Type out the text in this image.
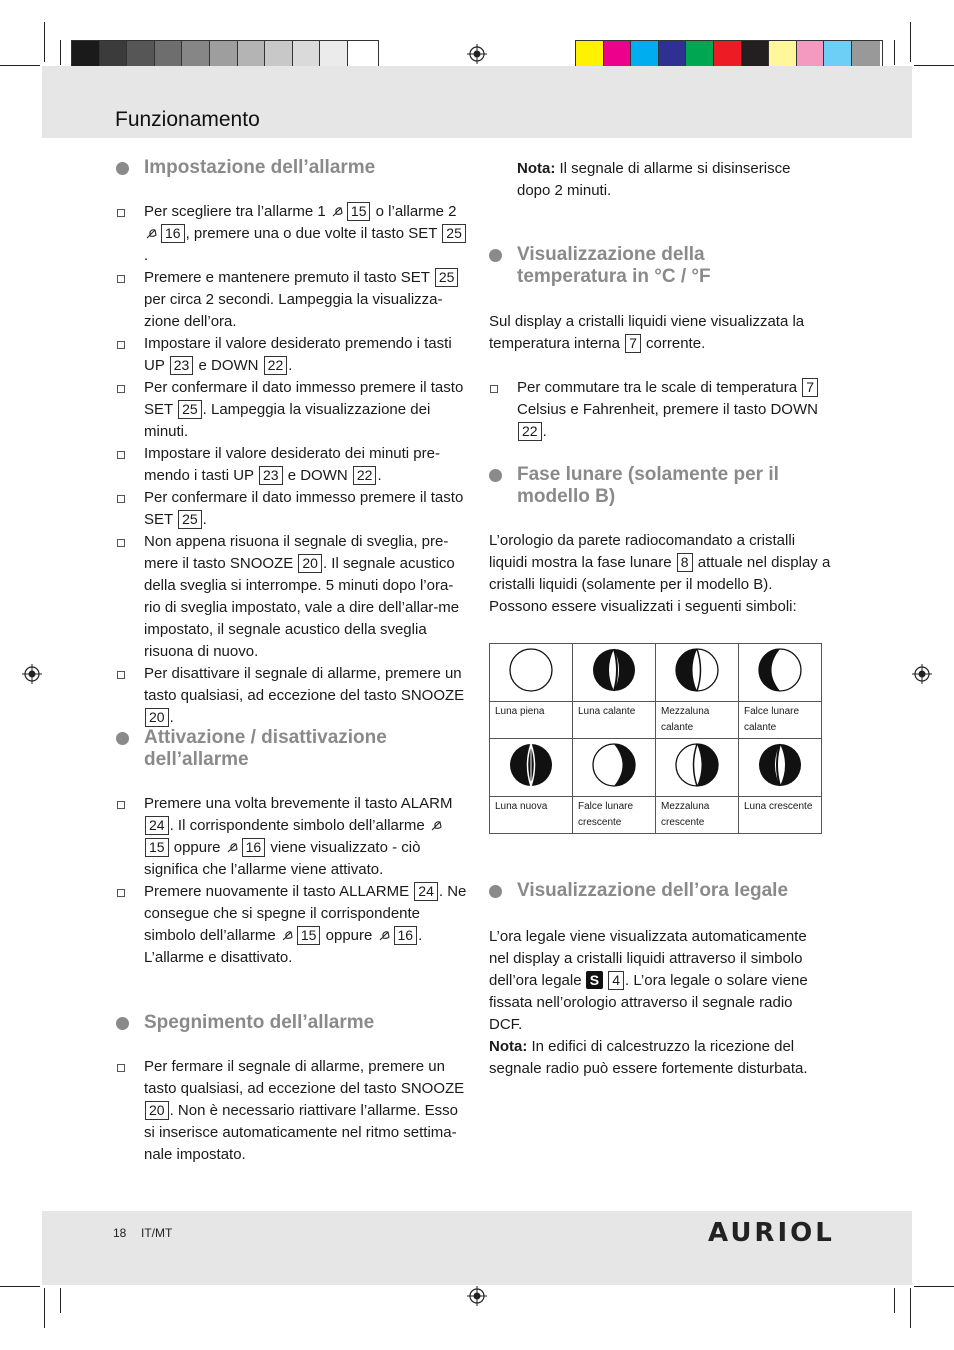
Funzionamento
Impostazione dell’allarme
Per scegliere tra l’allarme 1 15 o l’allarme 2 16 , premere una o due volte il tasto SET 25.
Premere e mantenere premuto il tasto SET 25 per circa 2 secondi. Lampeggia la visualizza-zione dell’ora.
Impostare il valore desiderato premendo i tasti UP 23 e DOWN 22 .
Per confermare il dato immesso premere il tasto SET 25 . Lampeggia la visualizzazione dei minuti.
Impostare il valore desiderato dei minuti pre-mendo i tasti UP 23 e DOWN 22 .
Per confermare il dato immesso premere il tasto SET 25 .
Non appena risuona il segnale di sveglia, pre-mere il tasto SNOOZE 20 . Il segnale acustico della sveglia si interrompe. 5 minuti dopo l’ora-rio di sveglia impostato, vale a dire dell’allar-me impostato, il segnale acustico della sveglia risuona di nuovo.
Per disattivare il segnale di allarme, premere un tasto qualsiasi, ad eccezione del tasto SNOOZE 20 .
Attivazione / disattivazione
dell’allarme
Premere una volta brevemente il tasto ALARM 24 . Il corrispondente simbolo dell’allarme 15 oppure 16 viene visualizzato - ciò significa che l’allarme viene attivato.
Premere nuovamente il tasto ALLARME 24 . Ne consegue che si spegne il corrispondente simbolo dell’allarme 15 oppure 16 . L’allarme e disattivato.
Spegnimento dell’allarme
Per fermare il segnale di allarme, premere un tasto qualsiasi, ad eccezione del tasto SNOOZE 20 . Non è necessario riattivare l’allarme. Esso si inserisce automaticamente nel ritmo settima-nale impostato.
Nota: Il segnale di allarme si disinserisce dopo 2 minuti.
Visualizzazione della
temperatura in °C / °F
Sul display a cristalli liquidi viene visualizzata la temperatura interna 7 corrente.
Per commutare tra le scale di temperatura 7 Celsius e Fahrenheit, premere il tasto DOWN 22 .
Fase lunare (solamente per il
modello B)
L’orologio da parete radiocomandato a cristalli liquidi mostra la fase lunare 8 attuale nel display a cristalli liquidi (solamente per il modello B). Possono essere visualizzati i seguenti simboli:

Luna piena	Luna calante	Mezzaluna calante	Falce lunare calante

Luna nuova	Falce lunare crescente	Mezzaluna crescente	Luna crescente
Visualizzazione dell’ora legale
L’ora legale viene visualizzata automaticamente nel display a cristalli liquidi attraverso il simbolo dell’ora legale S 4 . L’ora legale o solare viene fissata nell’orologio attraverso il segnale radio DCF.
Nota: In edifici di calcestruzzo la ricezione del segnale radio può essere fortemente disturbata.
18 IT/MT	AURIOL
